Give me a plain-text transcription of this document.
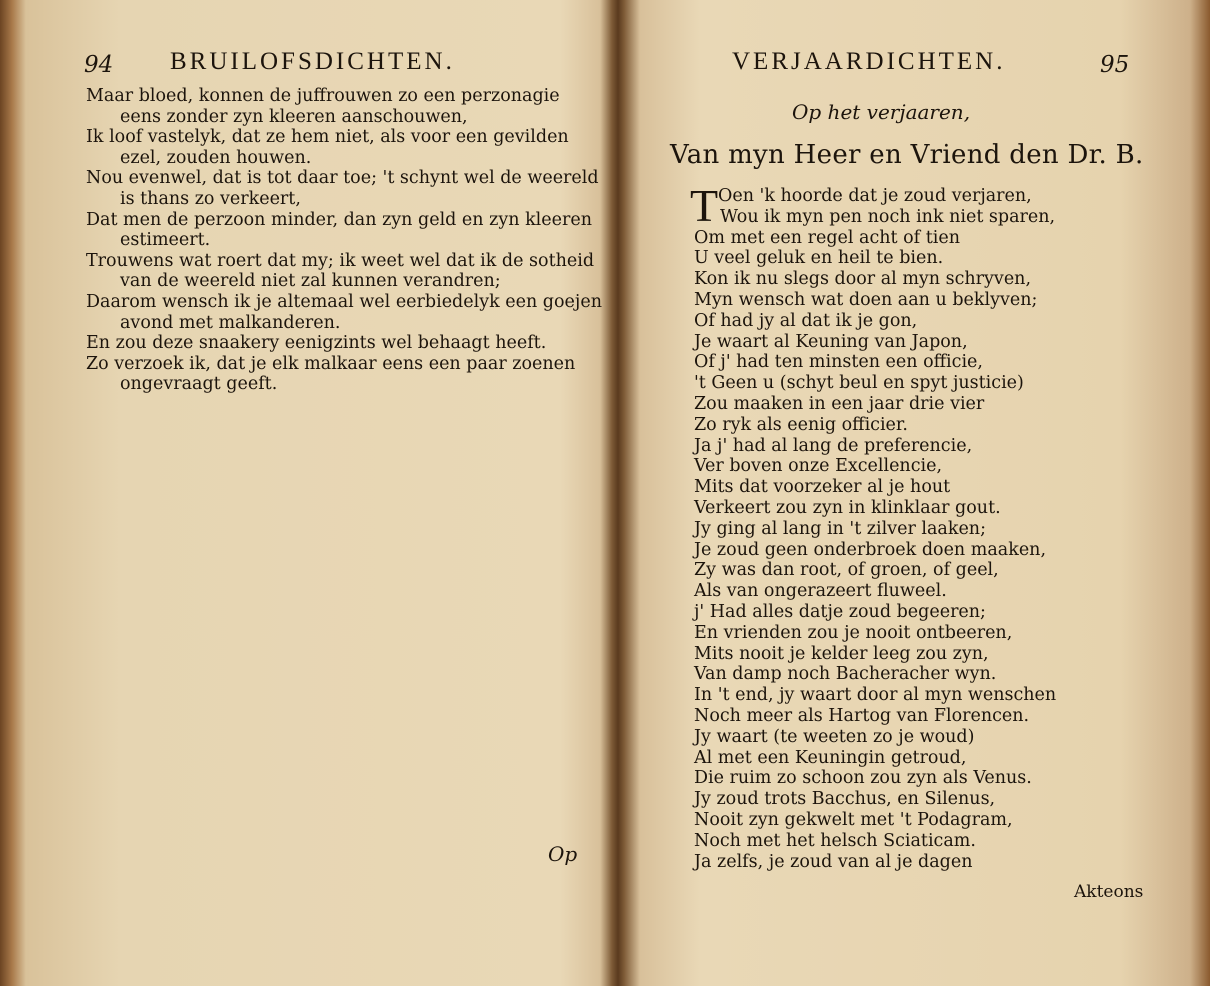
94 BRUILOFSDICHTEN.
Maar bloed, konnen de juffrouwen zo een perzonagie
eens zonder zyn kleeren aanschouwen,
Ik loof vastelyk, dat ze hem niet, als voor een gevilden
ezel, zouden houwen.
Nou evenwel, dat is tot daar toe; 't schynt wel de weereld
is thans zo verkeert,
Dat men de perzoon minder, dan zyn geld en zyn kleeren
estimeert.
Trouwens wat roert dat my; ik weet wel dat ik de sotheid
van de weereld niet zal kunnen verandren;
Daarom wensch ik je altemaal wel eerbiedelyk een goejen
avond met malkanderen.
En zou deze snaakery eenigzints wel behaagt heeft.
Zo verzoek ik, dat je elk malkaar eens een paar zoenen
ongevraagt geeft.
Op
VERJAARDICHTEN.	95
Op het verjaaren,
Van myn Heer en Vriend den Dr. B.
T Oen 'k hoorde dat je zoud verjaren,
Wou ik myn pen noch ink niet sparen,
Om met een regel acht of tien
U veel geluk en heil te bien.
Kon ik nu slegs door al myn schryven,
Myn wensch wat doen aan u beklyven;
Of had jy al dat ik je gon,
Je waart al Keuning van Japon,
Of j' had ten minsten een officie,
't Geen u (schyt beul en spyt justicie)
Zou maaken in een jaar drie vier
Zo ryk als eenig officier.
Ja j' had al lang de preferencie,
Ver boven onze Excellencie,
Mits dat voorzeker al je hout
Verkeert zou zyn in klinklaar gout.
Jy ging al lang in 't zilver laaken;
Je zoud geen onderbroek doen maaken,
Zy was dan root, of groen, of geel,
Als van ongerazeert fluweel.
j' Had alles datje zoud begeeren;
En vrienden zou je nooit ontbeeren,
Mits nooit je kelder leeg zou zyn,
Van damp noch Bacheracher wyn.
In 't end, jy waart door al myn wenschen
Noch meer als Hartog van Florencen.
Jy waart (te weeten zo je woud)
Al met een Keuningin getroud,
Die ruim zo schoon zou zyn als Venus.
Jy zoud trots Bacchus, en Silenus,
Nooit zyn gekwelt met 't Podagram,
Noch met het helsch Sciaticam.
Ja zelfs, je zoud van al je dagen
Akteons
